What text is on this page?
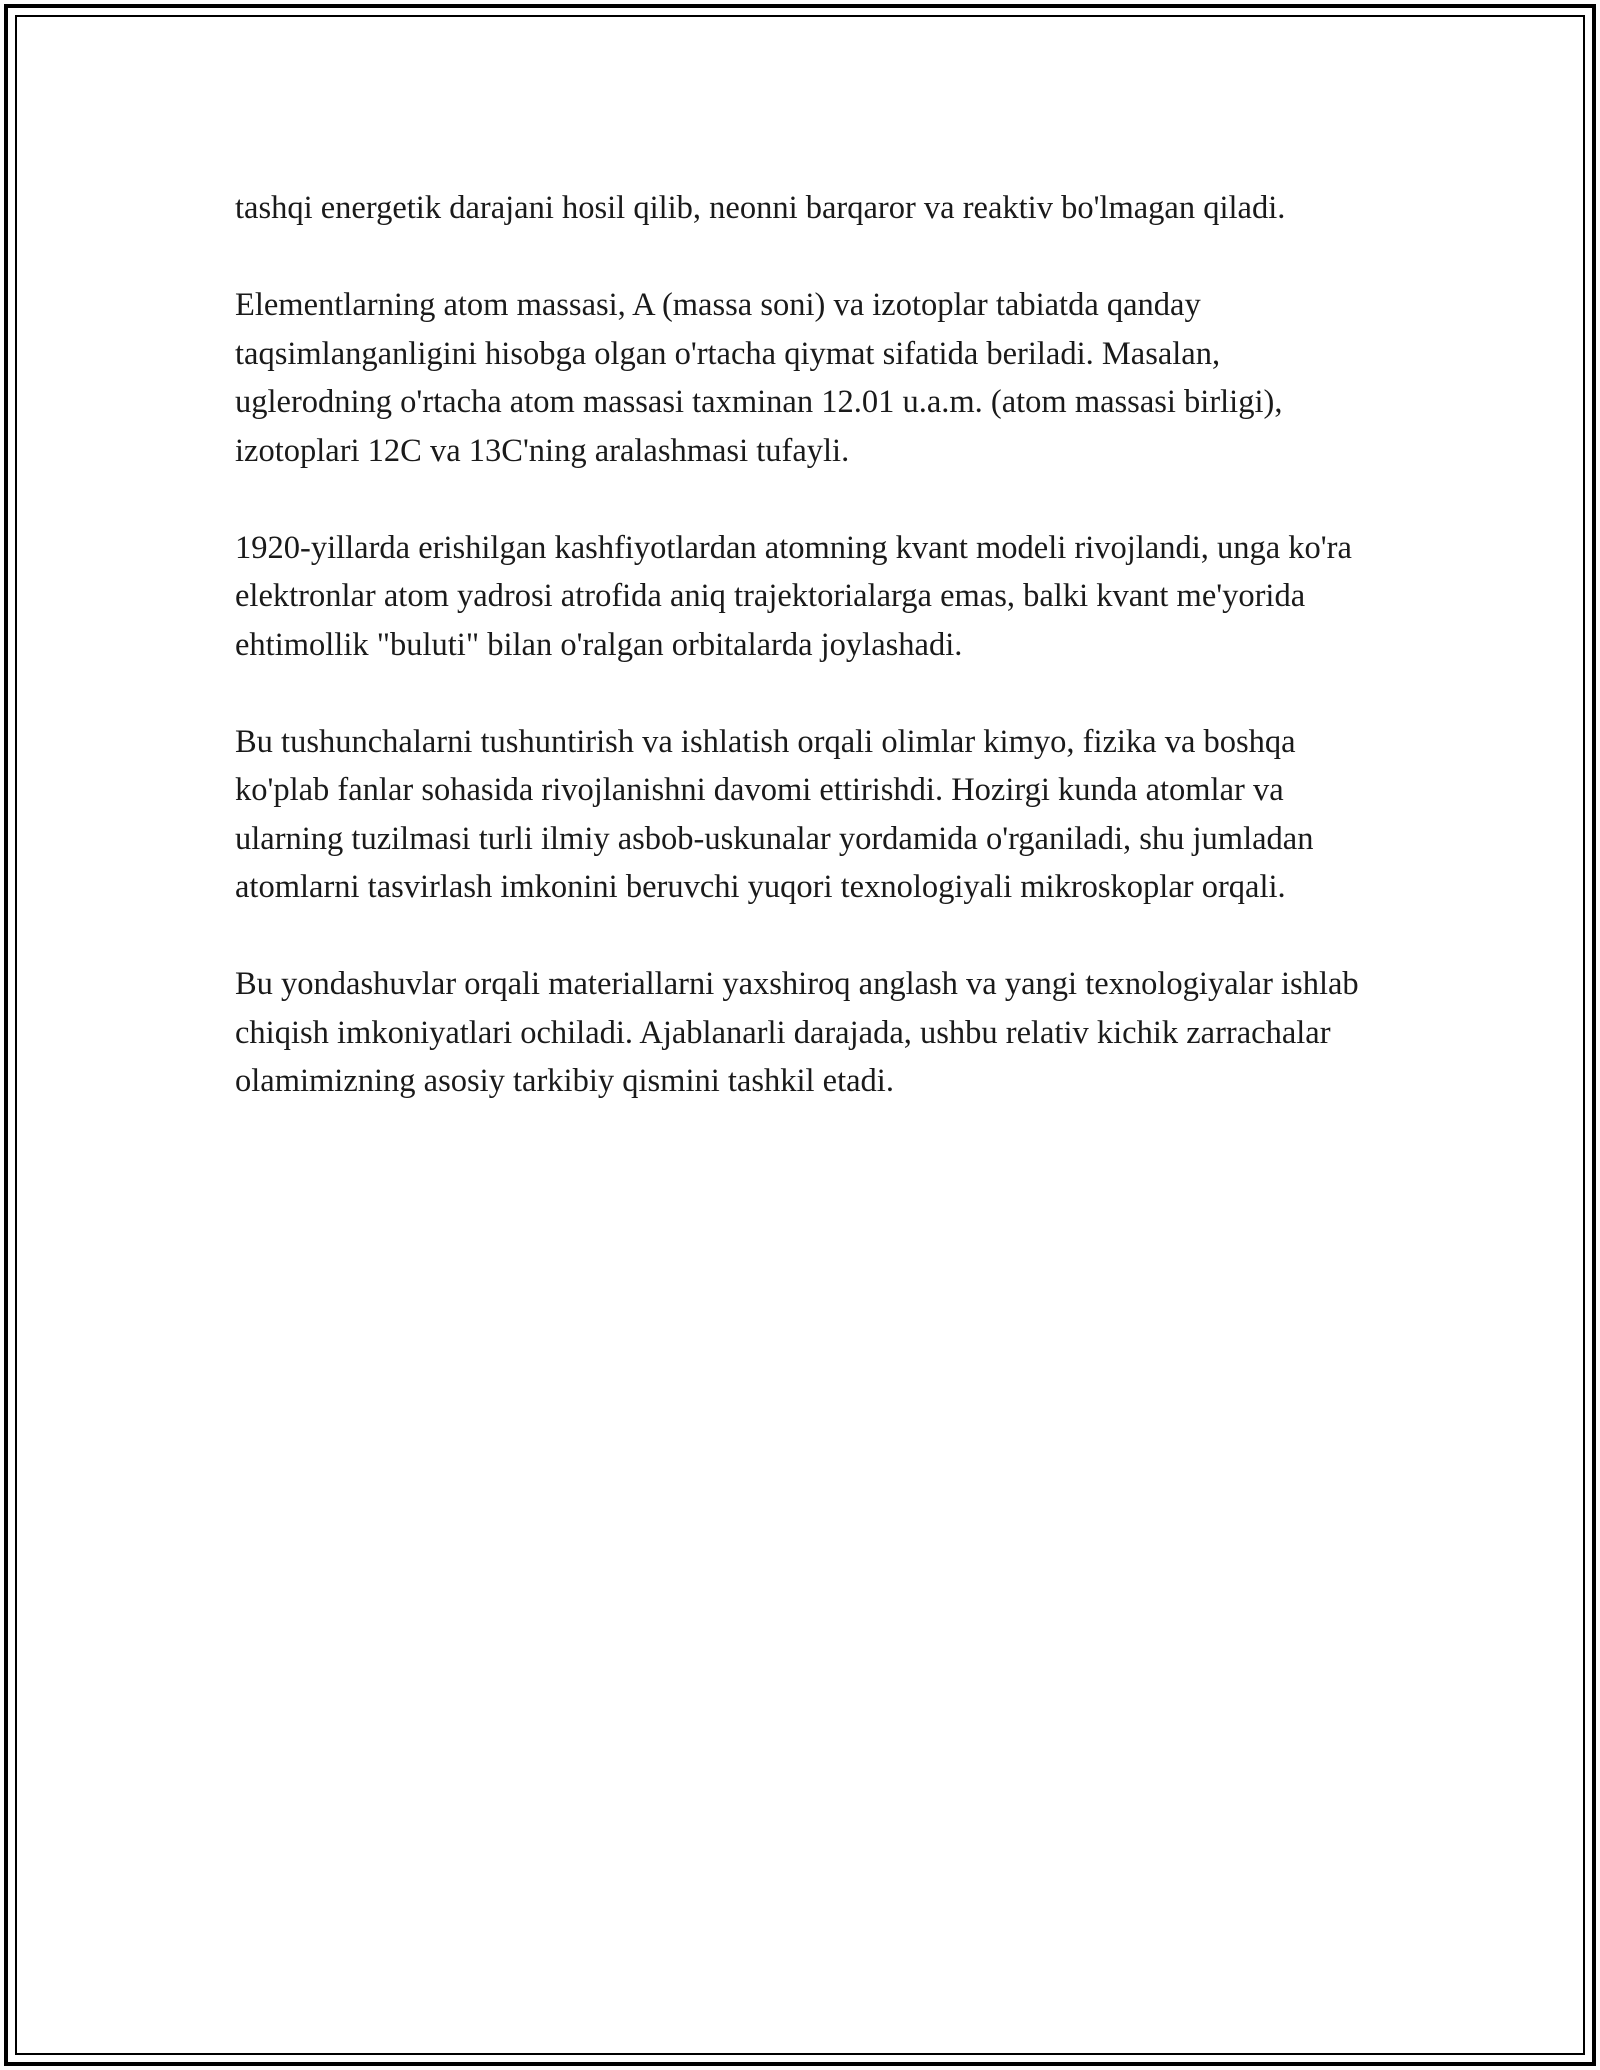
tashqi energetik darajani hosil qilib, neonni barqaror va reaktiv bo'lmagan qiladi.

Elementlarning atom massasi, A (massa soni) va izotoplar tabiatda qanday taqsimlanganligini hisobga olgan o'rtacha qiymat sifatida beriladi. Masalan, uglerodning o'rtacha atom massasi taxminan 12.01 u.a.m. (atom massasi birligi), izotoplari 12C va 13C'ning aralashmasi tufayli.

1920-yillarda erishilgan kashfiyotlardan atomning kvant modeli rivojlandi, unga ko'ra elektronlar atom yadrosi atrofida aniq trajektorialarga emas, balki kvant me'yorida ehtimollik "buluti" bilan o'ralgan orbitalarda joylashadi.

Bu tushunchalarni tushuntirish va ishlatish orqali olimlar kimyo, fizika va boshqa ko'plab fanlar sohasida rivojlanishni davomi ettirishdi. Hozirgi kunda atomlar va ularning tuzilmasi turli ilmiy asbob-uskunalar yordamida o'rganiladi, shu jumladan atomlarni tasvirlash imkonini beruvchi yuqori texnologiyali mikroskoplar orqali.

Bu yondashuvlar orqali materiallarni yaxshiroq anglash va yangi texnologiyalar ishlab chiqish imkoniyatlari ochiladi. Ajablanarli darajada, ushbu relativ kichik zarrachalar olamimizning asosiy tarkibiy qismini tashkil etadi.
